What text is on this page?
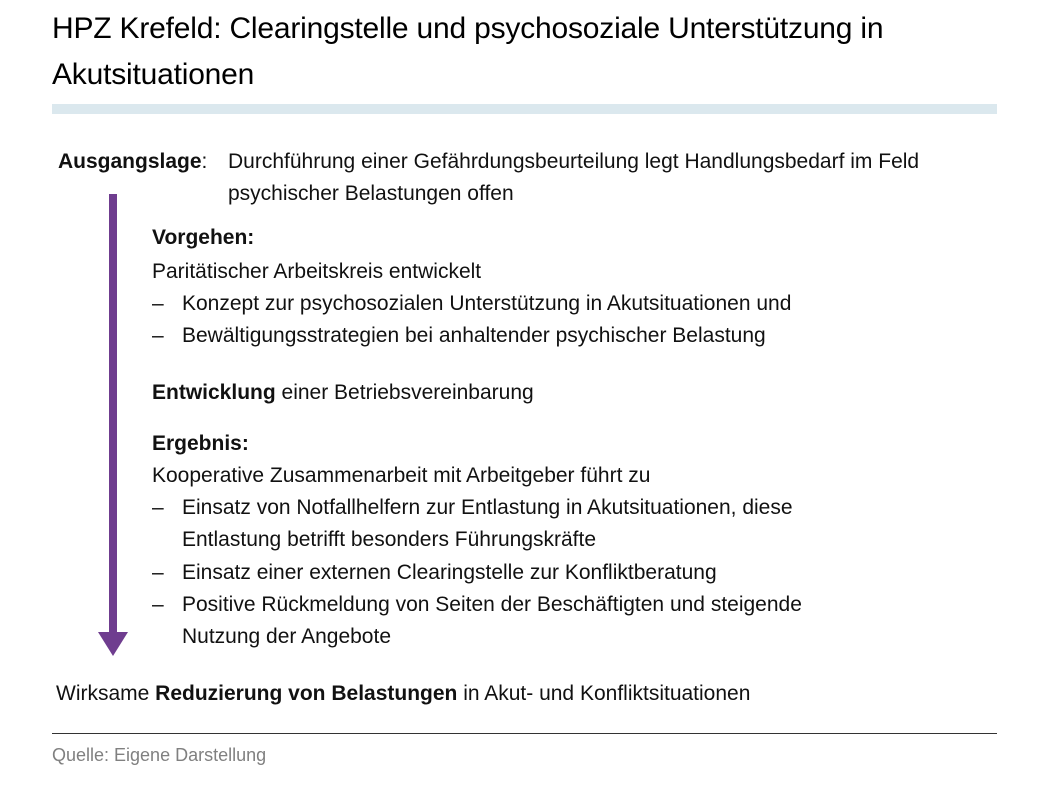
HPZ Krefeld: Clearingstelle und psychosoziale Unterstützung in Akutsituationen
Ausgangslage: Durchführung einer Gefährdungsbeurteilung legt Handlungsbedarf im Feld
psychischer Belastungen offen
Vorgehen:
Paritätischer Arbeitskreis entwickelt
– Konzept zur psychosozialen Unterstützung in Akutsituationen und
– Bewältigungsstrategien bei anhaltender psychischer Belastung
Entwicklung einer Betriebsvereinbarung
Ergebnis:
Kooperative Zusammenarbeit mit Arbeitgeber führt zu
– Einsatz von Notfallhelfern zur Entlastung in Akutsituationen, diese
Entlastung betrifft besonders Führungskräfte
– Einsatz einer externen Clearingstelle zur Konfliktberatung
– Positive Rückmeldung von Seiten der Beschäftigten und steigende
Nutzung der Angebote
Wirksame Reduzierung von Belastungen in Akut- und Konfliktsituationen
Quelle: Eigene Darstellung
